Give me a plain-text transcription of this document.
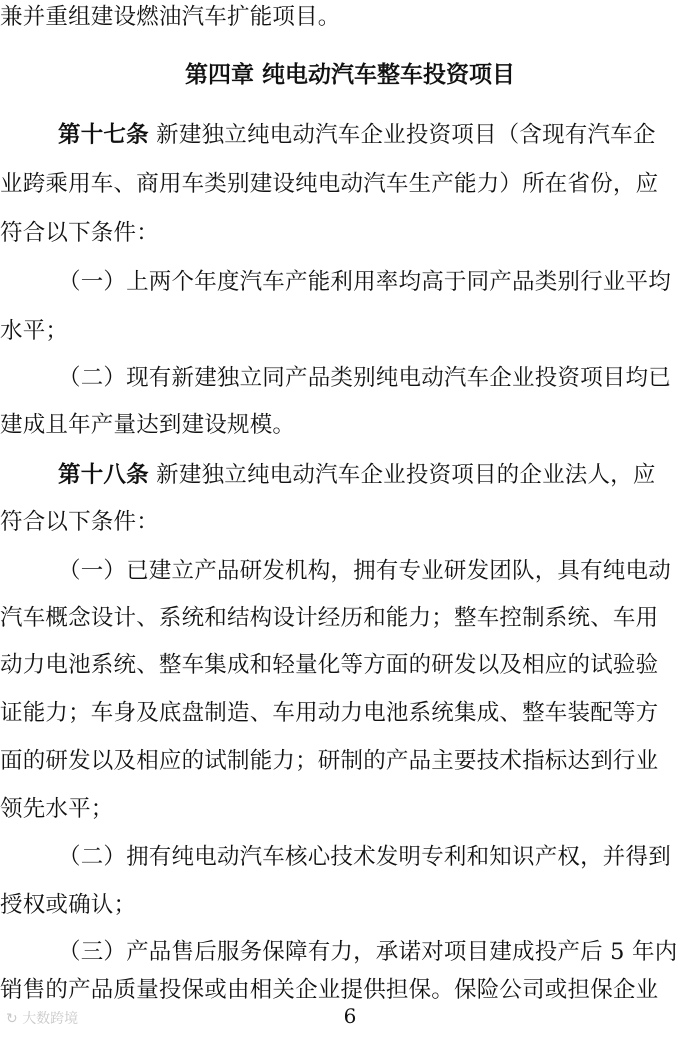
兼并重组建设燃油汽车扩能项目。
第四章 纯电动汽车整车投资项目
第十七条 新建独立纯电动汽车企业投资项目（含现有汽车企
业跨乘用车、商用车类别建设纯电动汽车生产能力）所在省份，应
符合以下条件：
（一）上两个年度汽车产能利用率均高于同产品类别行业平均
水平；
（二）现有新建独立同产品类别纯电动汽车企业投资项目均已
建成且年产量达到建设规模。
第十八条 新建独立纯电动汽车企业投资项目的企业法人，应
符合以下条件：
（一）已建立产品研发机构，拥有专业研发团队，具有纯电动
汽车概念设计、系统和结构设计经历和能力；整车控制系统、车用
动力电池系统、整车集成和轻量化等方面的研发以及相应的试验验
证能力；车身及底盘制造、车用动力电池系统集成、整车装配等方
面的研发以及相应的试制能力；研制的产品主要技术指标达到行业
领先水平；
（二）拥有纯电动汽车核心技术发明专利和知识产权，并得到
授权或确认；
（三）产品售后服务保障有力，承诺对项目建成投产后 5 年内
销售的产品质量投保或由相关企业提供担保。保险公司或担保企业
↻ 大数跨境	6
